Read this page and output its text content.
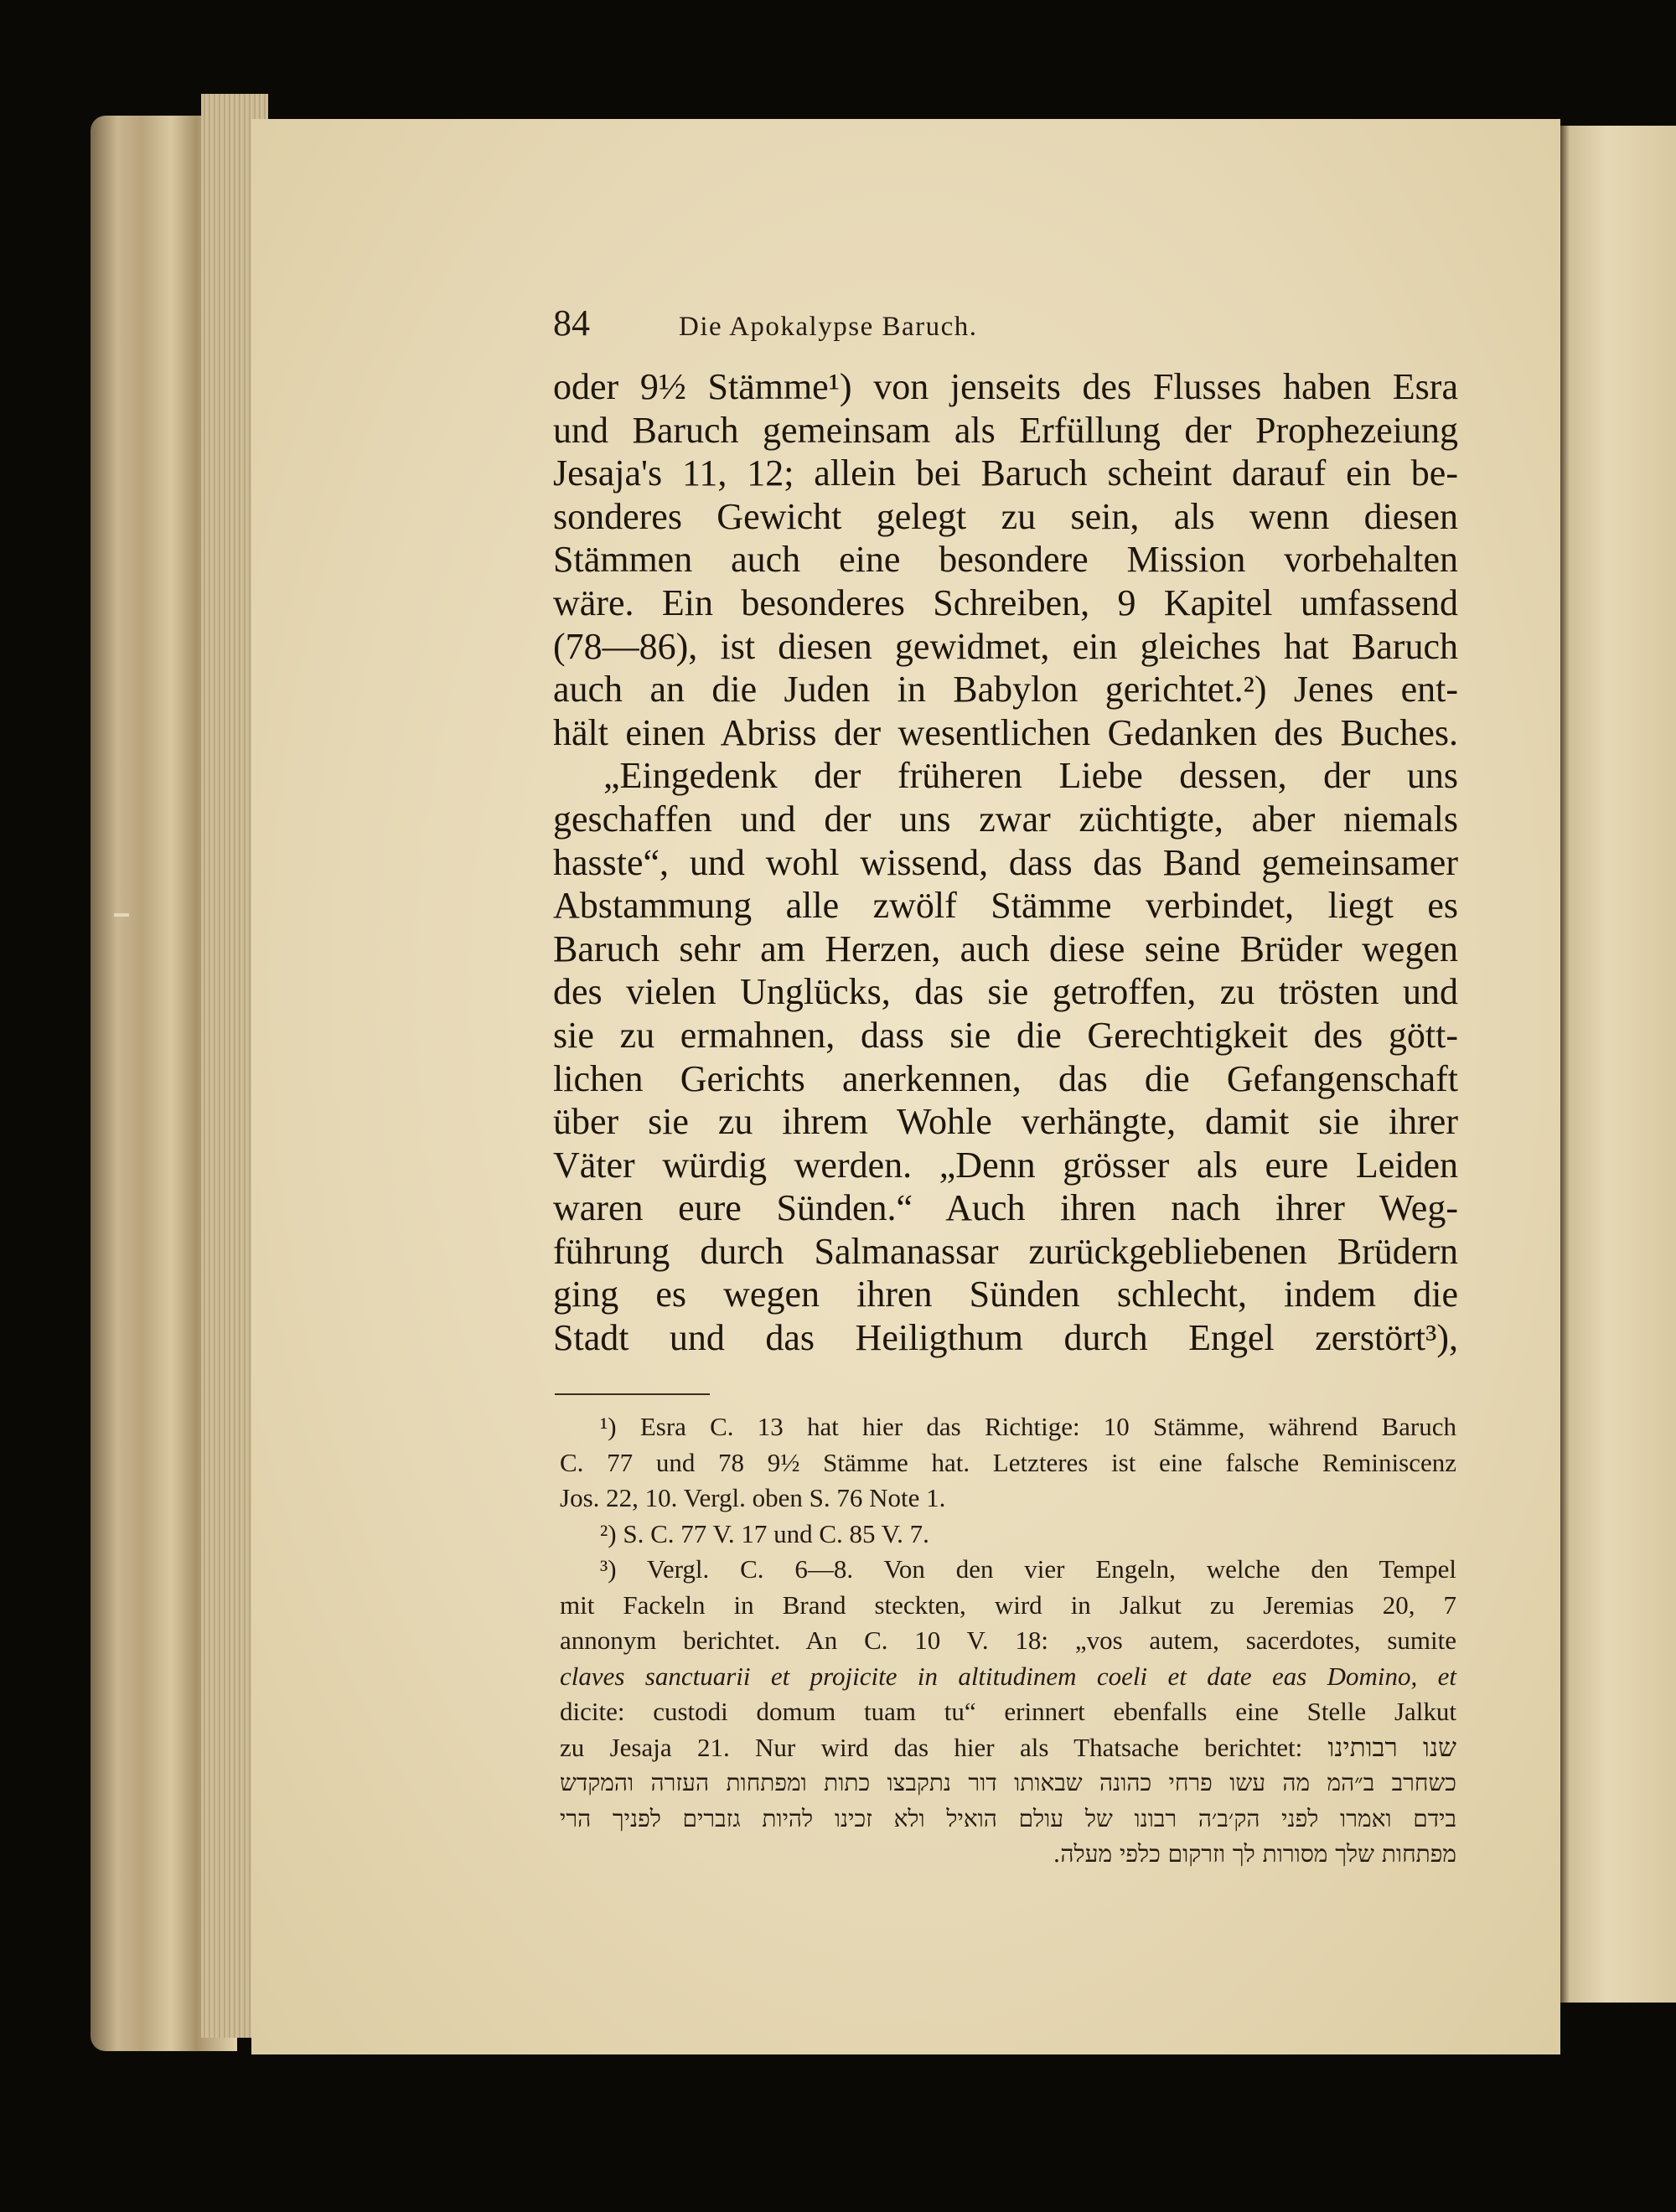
84	Die Apokalypse Baruch.
oder 9½ Stämme¹) von jenseits des Flusses haben Esra
und Baruch gemeinsam als Erfüllung der Prophezeiung
Jesaja's 11, 12; allein bei Baruch scheint darauf ein be-
sonderes Gewicht gelegt zu sein, als wenn diesen
Stämmen auch eine besondere Mission vorbehalten
wäre. Ein besonderes Schreiben, 9 Kapitel umfassend
(78—86), ist diesen gewidmet, ein gleiches hat Baruch
auch an die Juden in Babylon gerichtet.²) Jenes ent-
hält einen Abriss der wesentlichen Gedanken des Buches.
„Eingedenk der früheren Liebe dessen, der uns
geschaffen und der uns zwar züchtigte, aber niemals
hasste“, und wohl wissend, dass das Band gemeinsamer
Abstammung alle zwölf Stämme verbindet, liegt es
Baruch sehr am Herzen, auch diese seine Brüder wegen
des vielen Unglücks, das sie getroffen, zu trösten und
sie zu ermahnen, dass sie die Gerechtigkeit des gött-
lichen Gerichts anerkennen, das die Gefangenschaft
über sie zu ihrem Wohle verhängte, damit sie ihrer
Väter würdig werden. „Denn grösser als eure Leiden
waren eure Sünden.“ Auch ihren nach ihrer Weg-
führung durch Salmanassar zurückgebliebenen Brüdern
ging es wegen ihren Sünden schlecht, indem die
Stadt und das Heiligthum durch Engel zerstört³),
¹) Esra C. 13 hat hier das Richtige: 10 Stämme, während Baruch
C. 77 und 78 9½ Stämme hat. Letzteres ist eine falsche Reminiscenz
Jos. 22, 10. Vergl. oben S. 76 Note 1.
²) S. C. 77 V. 17 und C. 85 V. 7.
³) Vergl. C. 6—8. Von den vier Engeln, welche den Tempel
mit Fackeln in Brand steckten, wird in Jalkut zu Jeremias 20, 7
annonym berichtet. An C. 10 V. 18: „vos autem, sacerdotes, sumite
claves sanctuarii et projicite in altitudinem coeli et date eas Domino, et
dicite: custodi domum tuam tu“ erinnert ebenfalls eine Stelle Jalkut
zu Jesaja 21. Nur wird das hier als Thatsache berichtet: שנו רבותינו
כשחרב ב״המ מה עשו פרחי כהונה שבאותו דור נתקבצו כתות ומפתחות העזרה והמקדש
בידם ואמרו לפני הק׳ב׳ה רבונו של עולם הואיל ולא זכינו להיות גזברים לפניך הרי
מפתחות שלך מסורות לך וזרקום כלפי מעלה.
